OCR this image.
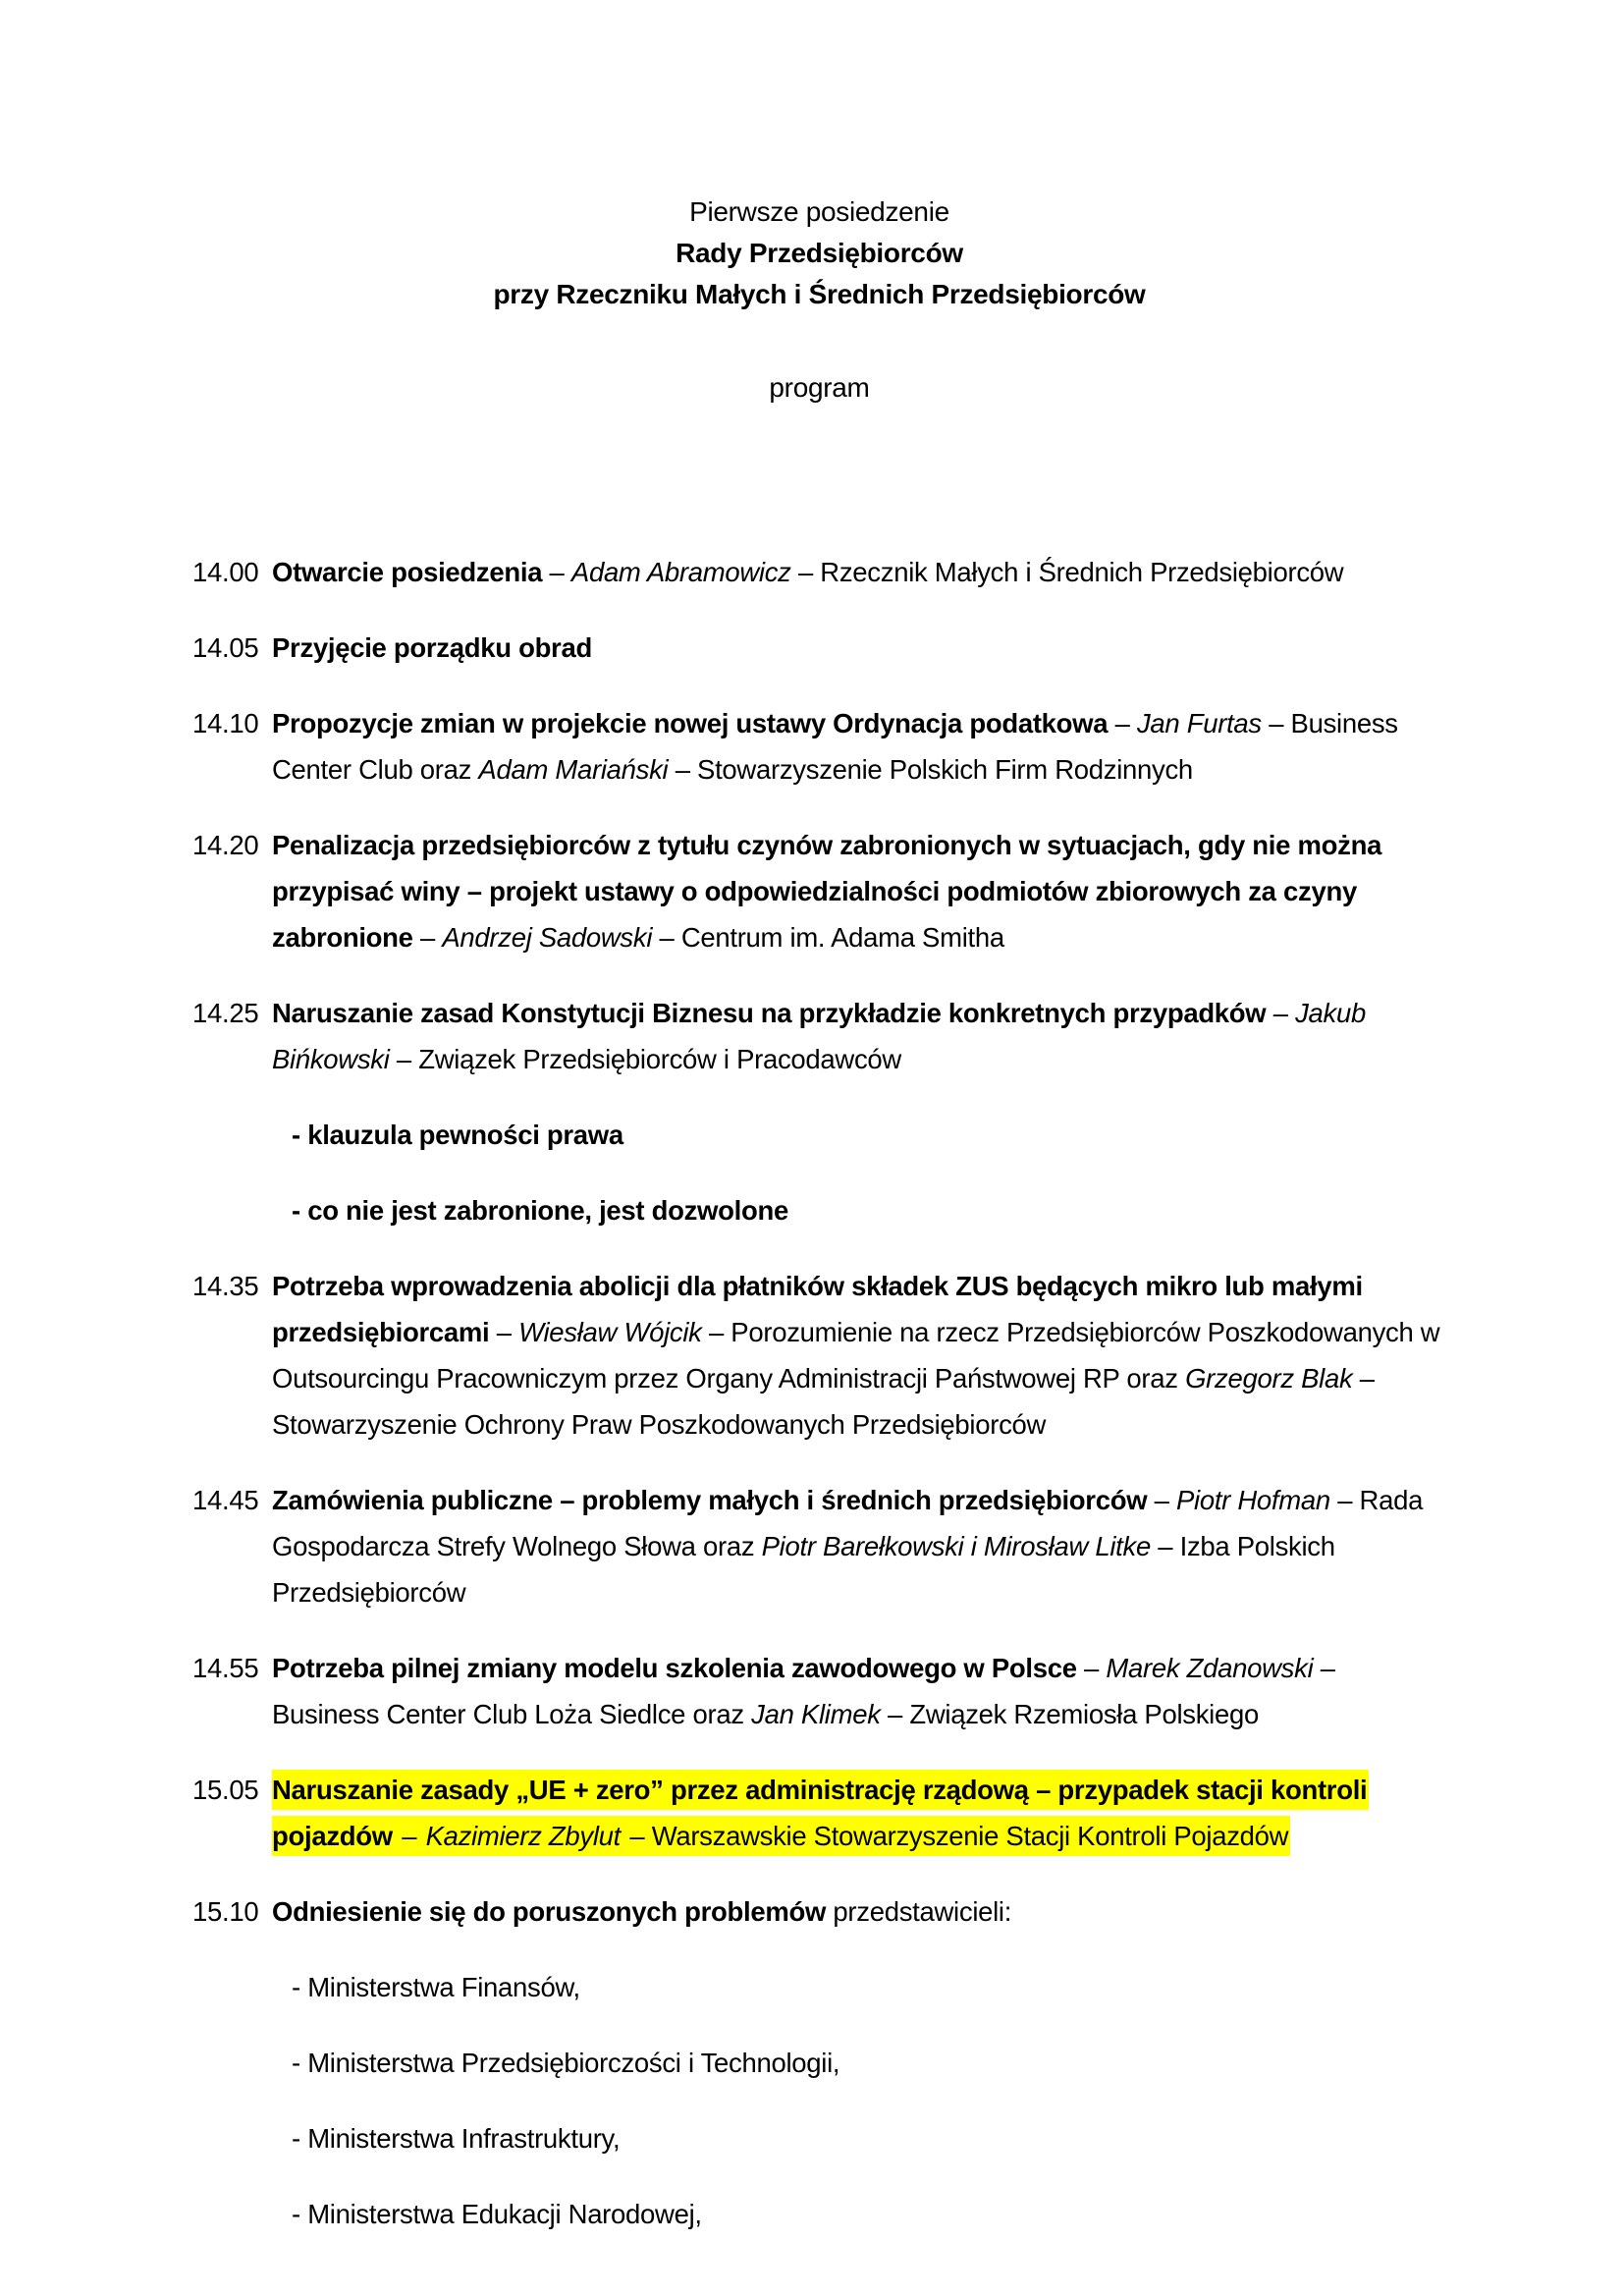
Pierwsze posiedzenie
Rady Przedsiębiorców
przy Rzeczniku Małych i Średnich Przedsiębiorców
program
14.00 Otwarcie posiedzenia – Adam Abramowicz – Rzecznik Małych i Średnich Przedsiębiorców
14.05 Przyjęcie porządku obrad
14.10 Propozycje zmian w projekcie nowej ustawy Ordynacja podatkowa – Jan Furtas – Business Center Club oraz Adam Mariański – Stowarzyszenie Polskich Firm Rodzinnych
14.20 Penalizacja przedsiębiorców z tytułu czynów zabronionych w sytuacjach, gdy nie można przypisać winy – projekt ustawy o odpowiedzialności podmiotów zbiorowych za czyny zabronione – Andrzej Sadowski – Centrum im. Adama Smitha
14.25 Naruszanie zasad Konstytucji Biznesu na przykładzie konkretnych przypadków – Jakub Bińkowski – Związek Przedsiębiorców i Pracodawców
- klauzula pewności prawa
- co nie jest zabronione, jest dozwolone
14.35 Potrzeba wprowadzenia abolicji dla płatników składek ZUS będących mikro lub małymi przedsiębiorcami – Wiesław Wójcik – Porozumienie na rzecz Przedsiębiorców Poszkodowanych w Outsourcingu Pracowniczym przez Organy Administracji Państwowej RP oraz Grzegorz Blak – Stowarzyszenie Ochrony Praw Poszkodowanych Przedsiębiorców
14.45 Zamówienia publiczne – problemy małych i średnich przedsiębiorców – Piotr Hofman – Rada Gospodarcza Strefy Wolnego Słowa oraz Piotr Barełkowski i Mirosław Litke – Izba Polskich Przedsiębiorców
14.55 Potrzeba pilnej zmiany modelu szkolenia zawodowego w Polsce – Marek Zdanowski – Business Center Club Loża Siedlce oraz Jan Klimek – Związek Rzemiosła Polskiego
15.05 Naruszanie zasady „UE + zero” przez administrację rządową – przypadek stacji kontroli pojazdów – Kazimierz Zbylut – Warszawskie Stowarzyszenie Stacji Kontroli Pojazdów
15.10 Odniesienie się do poruszonych problemów przedstawicieli:
- Ministerstwa Finansów,
- Ministerstwa Przedsiębiorczości i Technologii,
- Ministerstwa Infrastruktury,
- Ministerstwa Edukacji Narodowej,
